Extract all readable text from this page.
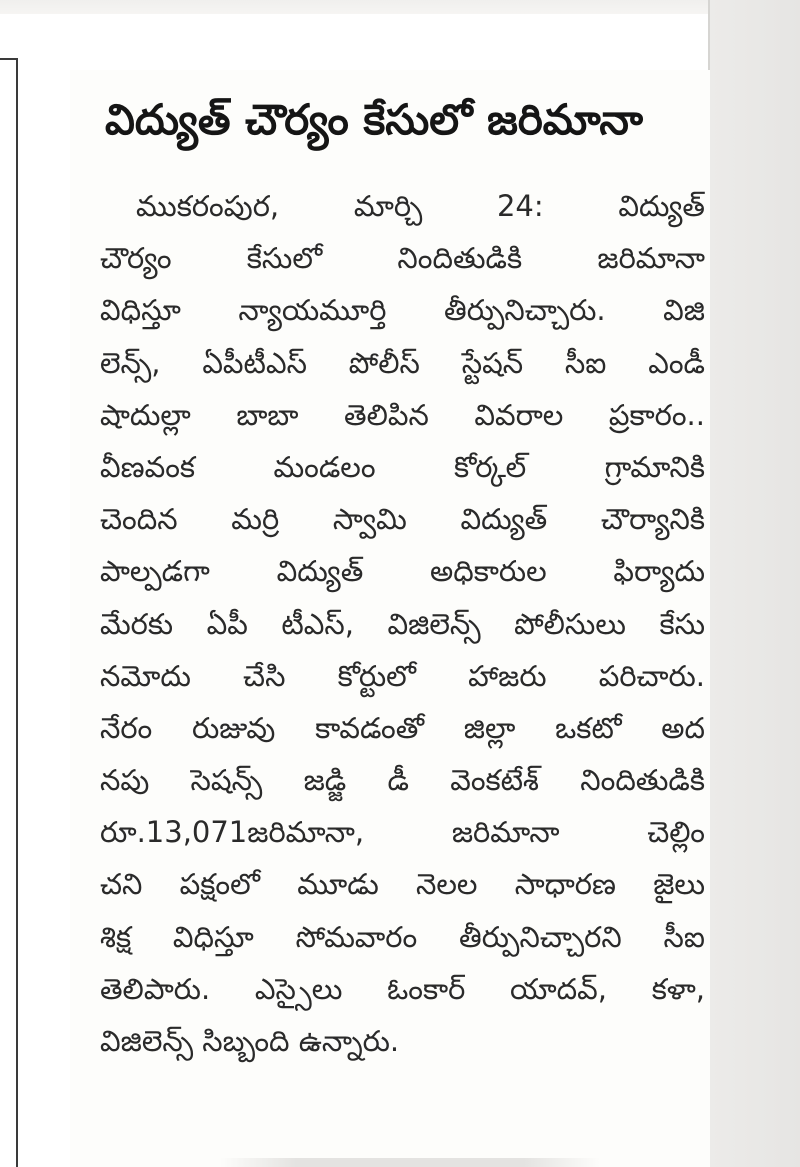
విద్యుత్ చౌర్యం కేసులో జరిమానా
ముకరంపుర, మార్చి 24: విద్యుత్
చౌర్యం కేసులో నిందితుడికి జరిమానా
విధిస్తూ న్యాయమూర్తి తీర్పునిచ్చారు. విజి
లెన్స్, ఏపీటీఎస్ పోలీస్ స్టేషన్ సీఐ ఎండీ
షాదుల్లా బాబా తెలిపిన వివరాల ప్రకారం..
వీణవంక మండలం కోర్కల్ గ్రామానికి
చెందిన మర్రి స్వామి విద్యుత్ చౌర్యానికి
పాల్పడగా విద్యుత్ అధికారుల ఫిర్యాదు
మేరకు ఏపీ టీఎస్, విజిలెన్స్ పోలీసులు కేసు
నమోదు చేసి కోర్టులో హాజరు పరిచారు.
నేరం రుజువు కావడంతో జిల్లా ఒకటో అద
నపు సెషన్స్ జడ్జి డీ వెంకటేశ్ నిందితుడికి
రూ.13,071జరిమానా, జరిమానా చెల్లిం
చని పక్షంలో మూడు నెలల సాధారణ జైలు
శిక్ష విధిస్తూ సోమవారం తీర్పునిచ్చారని సీఐ
తెలిపారు. ఎస్సైలు ఓంకార్ యాదవ్, కళా,
విజిలెన్స్ సిబ్బంది ఉన్నారు.
